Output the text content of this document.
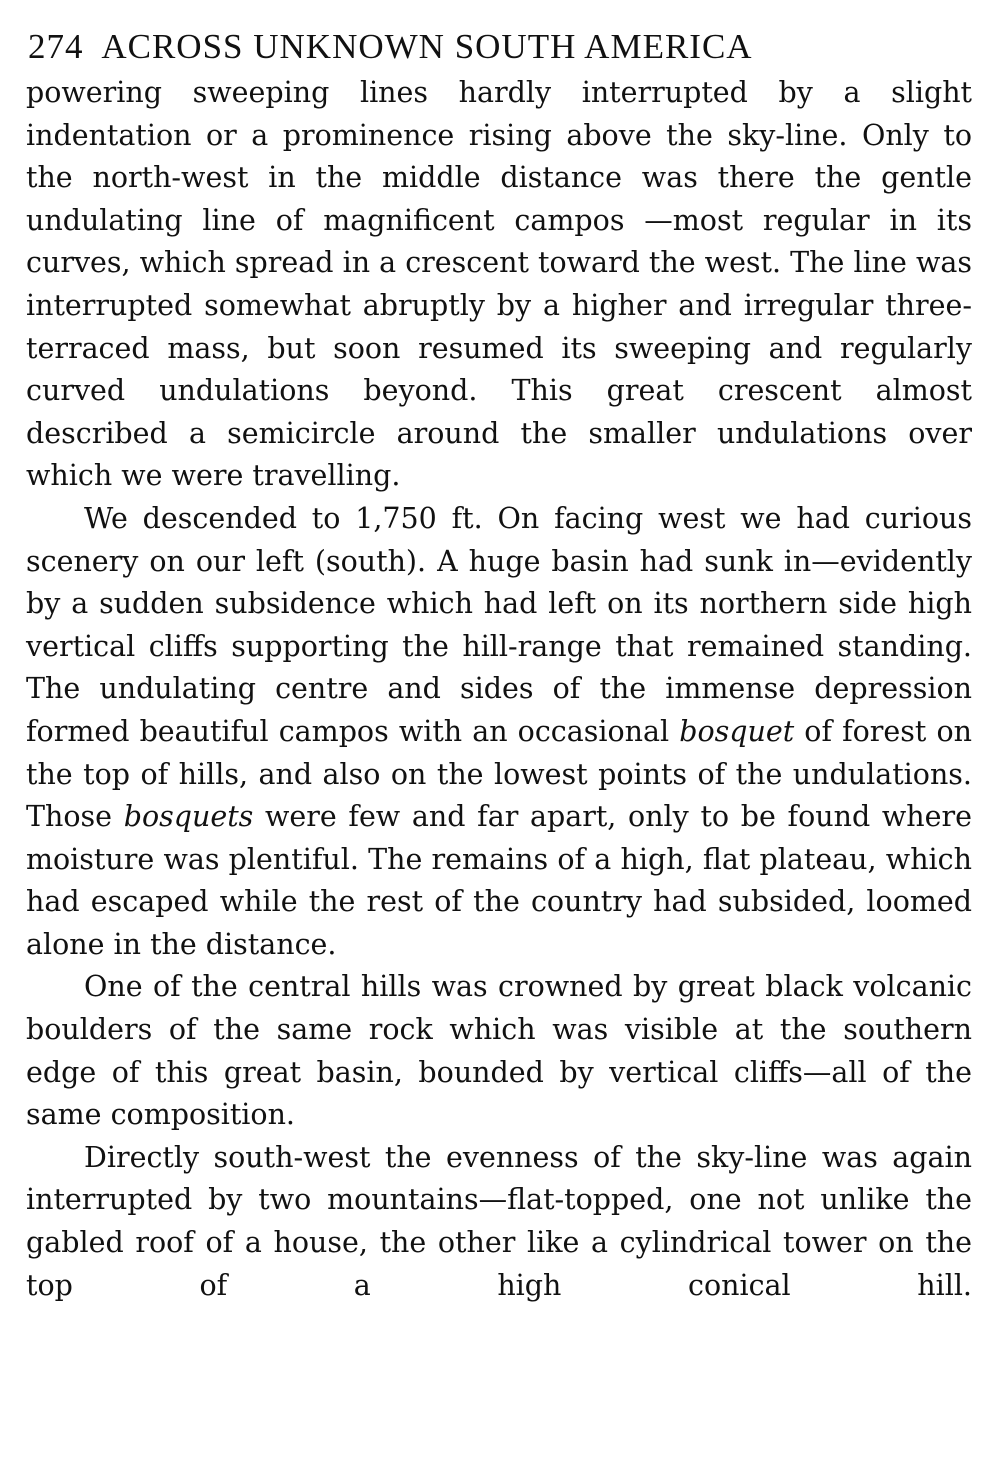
274 ACROSS UNKNOWN SOUTH AMERICA

powering sweeping lines hardly interrupted by a slight indentation or a prominence rising above the sky-line. Only to the north-west in the middle distance was there the gentle undulating line of magnificent campos —most regular in its curves, which spread in a crescent toward the west. The line was interrupted somewhat abruptly by a higher and irregular three-terraced mass, but soon resumed its sweeping and regularly curved undulations beyond. This great crescent almost described a semicircle around the smaller undulations over which we were travelling.

We descended to 1,750 ft. On facing west we had curious scenery on our left (south). A huge basin had sunk in—evidently by a sudden subsidence which had left on its northern side high vertical cliffs supporting the hill-range that remained standing. The undulating centre and sides of the immense depression formed beautiful campos with an occasional bosquet of forest on the top of hills, and also on the lowest points of the undulations. Those bosquets were few and far apart, only to be found where moisture was plentiful. The remains of a high, flat plateau, which had escaped while the rest of the country had subsided, loomed alone in the distance.

One of the central hills was crowned by great black volcanic boulders of the same rock which was visible at the southern edge of this great basin, bounded by vertical cliffs—all of the same composition.

Directly south-west the evenness of the sky-line was again interrupted by two mountains—flat-topped, one not unlike the gabled roof of a house, the other like a cylindrical tower on the top of a high conical hill.
